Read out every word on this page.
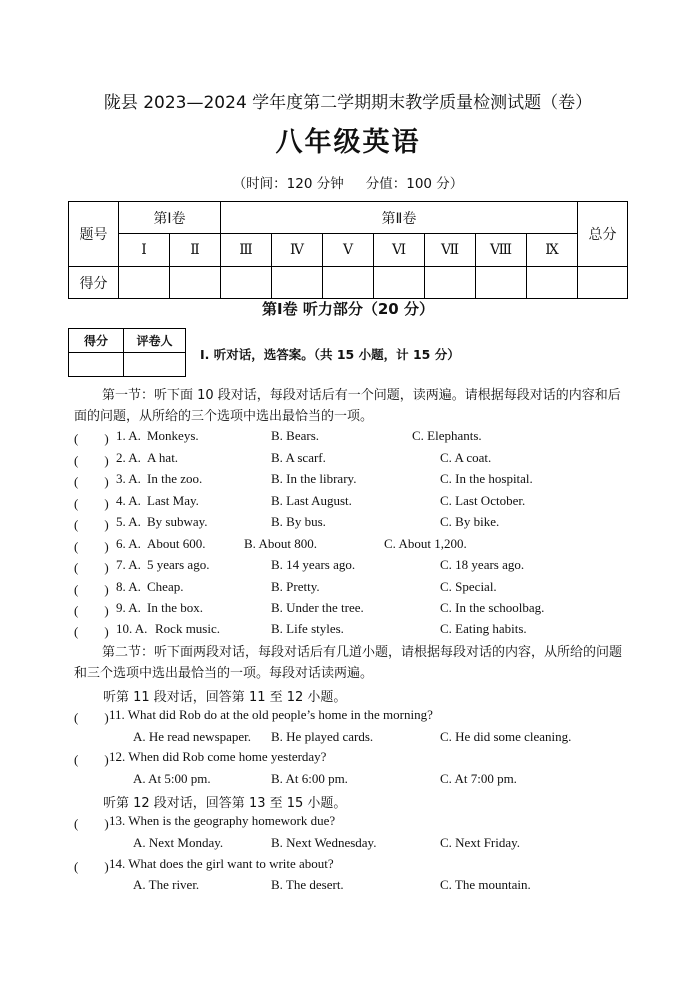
陇县 2023—2024 学年度第二学期期末教学质量检测试题（卷）
八年级英语
（时间：120 分钟 分值：100 分）
题号	第Ⅰ卷		第Ⅱ卷							总分
	Ⅰ	Ⅱ	Ⅲ	Ⅳ	Ⅴ	Ⅵ	Ⅶ	Ⅷ	Ⅸ	
得分										
第Ⅰ卷 听力部分（20 分）
得分	评卷人

I. 听对话，选答案。（共 15 小题，计 15 分）
第一节：听下面 10 段对话，每段对话后有一个问题，读两遍。请根据每段对话的内容和后面的问题，从所给的三个选项中选出最恰当的一项。
(　　) 1. A. Monkeys.	B. Bears.	C. Elephants.
(　　) 2. A. A hat.	B. A scarf.	C. A coat.
(　　) 3. A. In the zoo.	B. In the library.	C. In the hospital.
(　　) 4. A. Last May.	B. Last August.	C. Last October.
(　　) 5. A. By subway.	B. By bus.	C. By bike.
(　　) 6. A. About 600.	B. About 800.	C. About 1,200.
(　　) 7. A. 5 years ago.	B. 14 years ago.	C. 18 years ago.
(　　) 8. A. Cheap.	B. Pretty.	C. Special.
(　　) 9. A. In the box.	B. Under the tree.	C. In the schoolbag.
(　　) 10. A. Rock music.	B. Life styles.	C. Eating habits.
第二节：听下面两段对话，每段对话后有几道小题，请根据每段对话的内容，从所给的问题和三个选项中选出最恰当的一项。每段对话读两遍。
听第 11 段对话，回答第 11 至 12 小题。
(　　) 11. What did Rob do at the old people’s home in the morning?
A. He read newspaper. B. He played cards.	C. He did some cleaning.
(　　) 12. When did Rob come home yesterday?
A. At 5:00 pm.	B. At 6:00 pm.	C. At 7:00 pm.
听第 12 段对话，回答第 13 至 15 小题。
(　　) 13. When is the geography homework due?
A. Next Monday.	B. Next Wednesday.	C. Next Friday.
(　　) 14. What does the girl want to write about?
A. The river.	B. The desert.	C. The mountain.
